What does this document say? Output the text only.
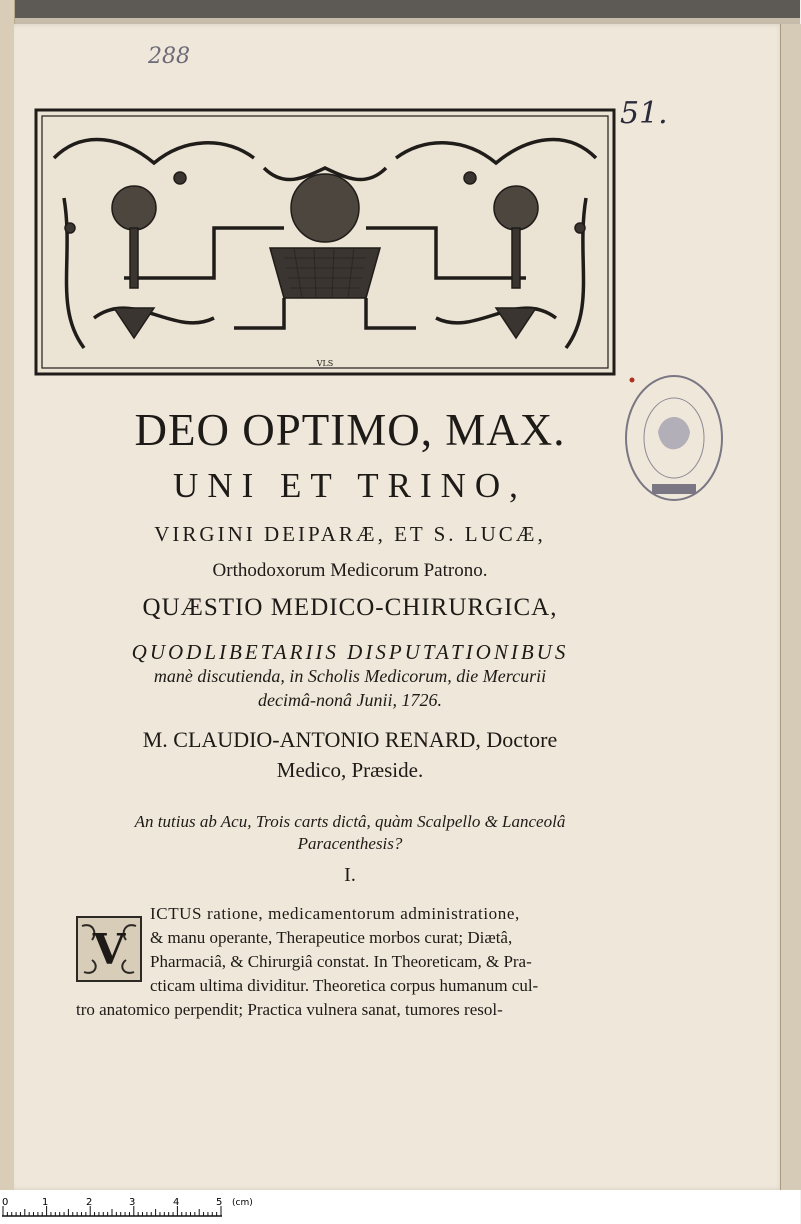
288
51.
VLS
DEO OPTIMO, MAX.
UNI ET TRINO,
VIRGINI DEIPARÆ, ET S. LUCÆ,
Orthodoxorum Medicorum Patrono.
QUÆSTIO MEDICO-CHIRURGICA,
QUODLIBETARIIS DISPUTATIONIBUS
manè discutienda, in Scholis Medicorum, die Mercurii
decimâ-nonâ Junii, 1726.
M. CLAUDIO-ANTONIO RENARD, Doctore
Medico, Præside.
An tutius ab Acu, Trois carts dictâ, quàm Scalpello & Lanceolâ
Paracenthesis?
I.
V
ICTUS ratione, medicamentorum administratione,
& manu operante, Therapeutice morbos curat; Diætâ,
Pharmaciâ, & Chirurgiâ constat. In Theoreticam, & Pra-
cticam ultima dividitur. Theoretica corpus humanum cul-
tro anatomico perpendit; Practica vulnera sanat, tumores resol-
0	1	2	3	4	5 (cm)
